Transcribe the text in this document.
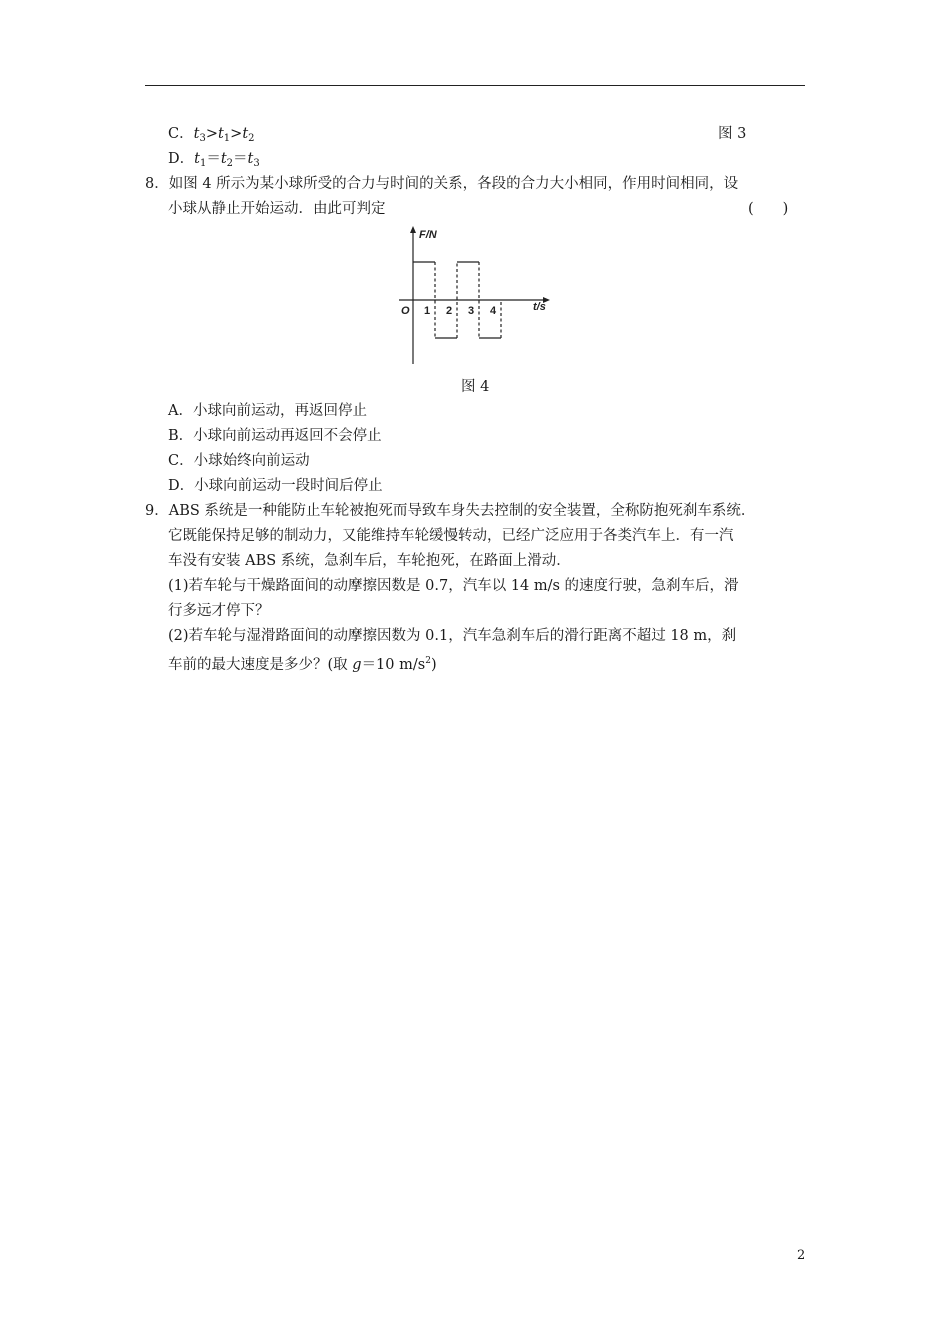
C．$t_3>t_1>t_2$	图 3
D．$t_1=t_2=t_3$
8．如图 4 所示为某小球所受的合力与时间的关系，各段的合力大小相同，作用时间相同，设
小球从静止开始运动．由此可判定	(　　)
1 2 3 4
O
F/N
t/s
图 4
A．小球向前运动，再返回停止
B．小球向前运动再返回不会停止
C．小球始终向前运动
D．小球向前运动一段时间后停止
9．ABS 系统是一种能防止车轮被抱死而导致车身失去控制的安全装置，全称防抱死刹车系统．
它既能保持足够的制动力，又能维持车轮缓慢转动，已经广泛应用于各类汽车上．有一汽
车没有安装 ABS 系统，急刹车后，车轮抱死，在路面上滑动．
(1)若车轮与干燥路面间的动摩擦因数是 0.7，汽车以 14 m/s 的速度行驶，急刹车后，滑
行多远才停下？
(2)若车轮与湿滑路面间的动摩擦因数为 0.1，汽车急刹车后的滑行距离不超过 18 m，刹
车前的最大速度是多少？(取 g＝10 $m/s^2$)
2
